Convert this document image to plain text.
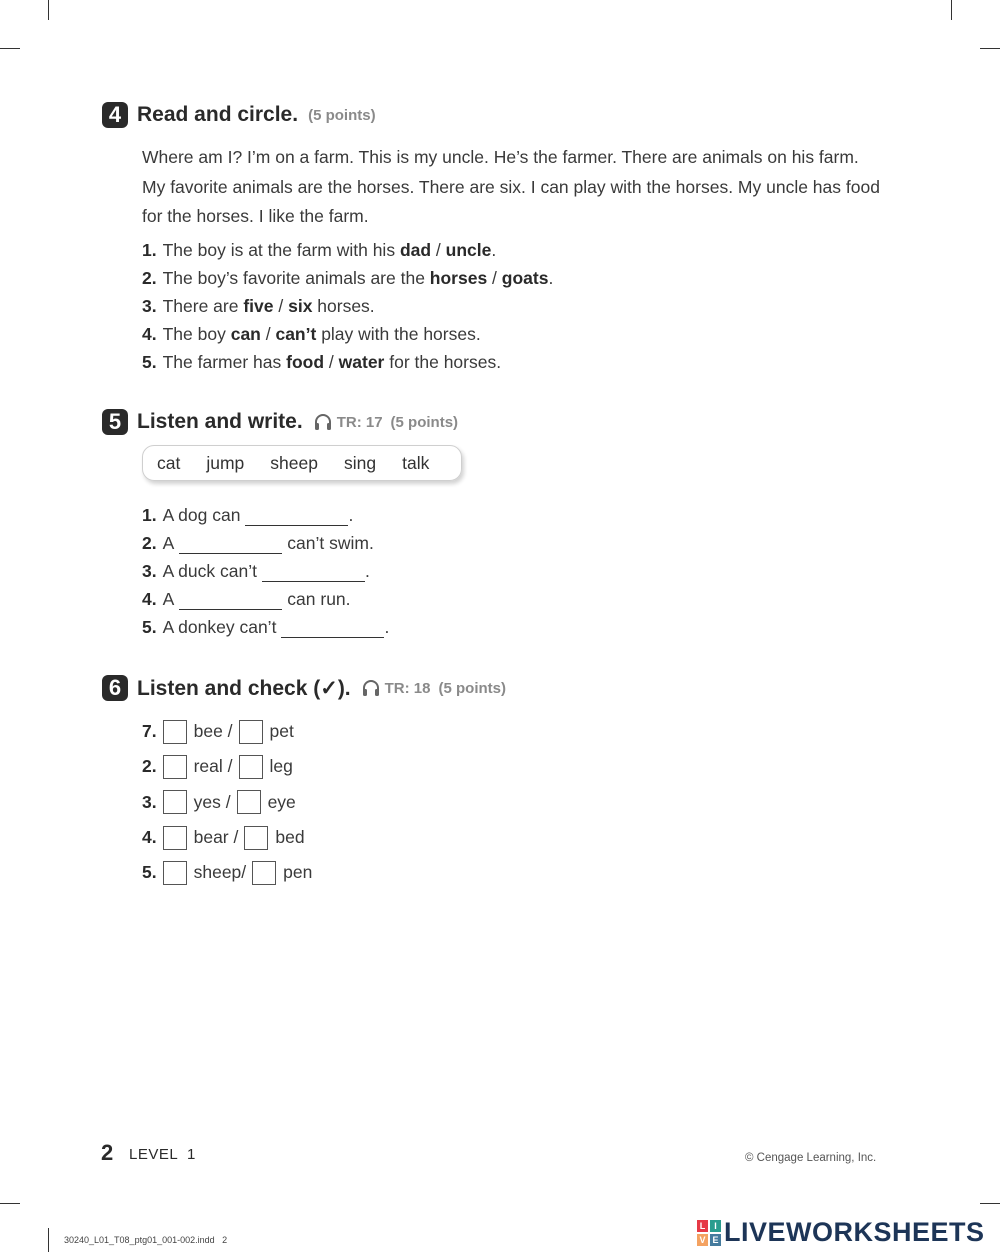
4 Read and circle. (5 points)
Where am I? I’m on a farm. This is my uncle. He’s the farmer. There are animals on his farm. My favorite animals are the horses. There are six. I can play with the horses. My uncle has food for the horses. I like the farm.
1. The boy is at the farm with his dad / uncle .
2. The boy’s favorite animals are the horses / goats .
3. There are five / six horses.
4. The boy can / can’t play with the horses.
5. The farmer has food / water for the horses.
5 Listen and write. TR: 17 (5 points)
cat jump sheep sing talk
1. A dog can	.
2. A	can’t swim.
3. A duck can’t	.
4. A	can run.
5. A donkey can’t	.
6 Listen and check (✓). TR: 18 (5 points)
7. bee / pet
2. real / leg
3. yes / eye
4. bear / bed
5. sheep/ pen
2 LEVEL  1	© Cengage Learning, Inc.
30240_L01_T08_ptg01_001-002.indd   2
L I
V E LIVEWORKSHEETS
